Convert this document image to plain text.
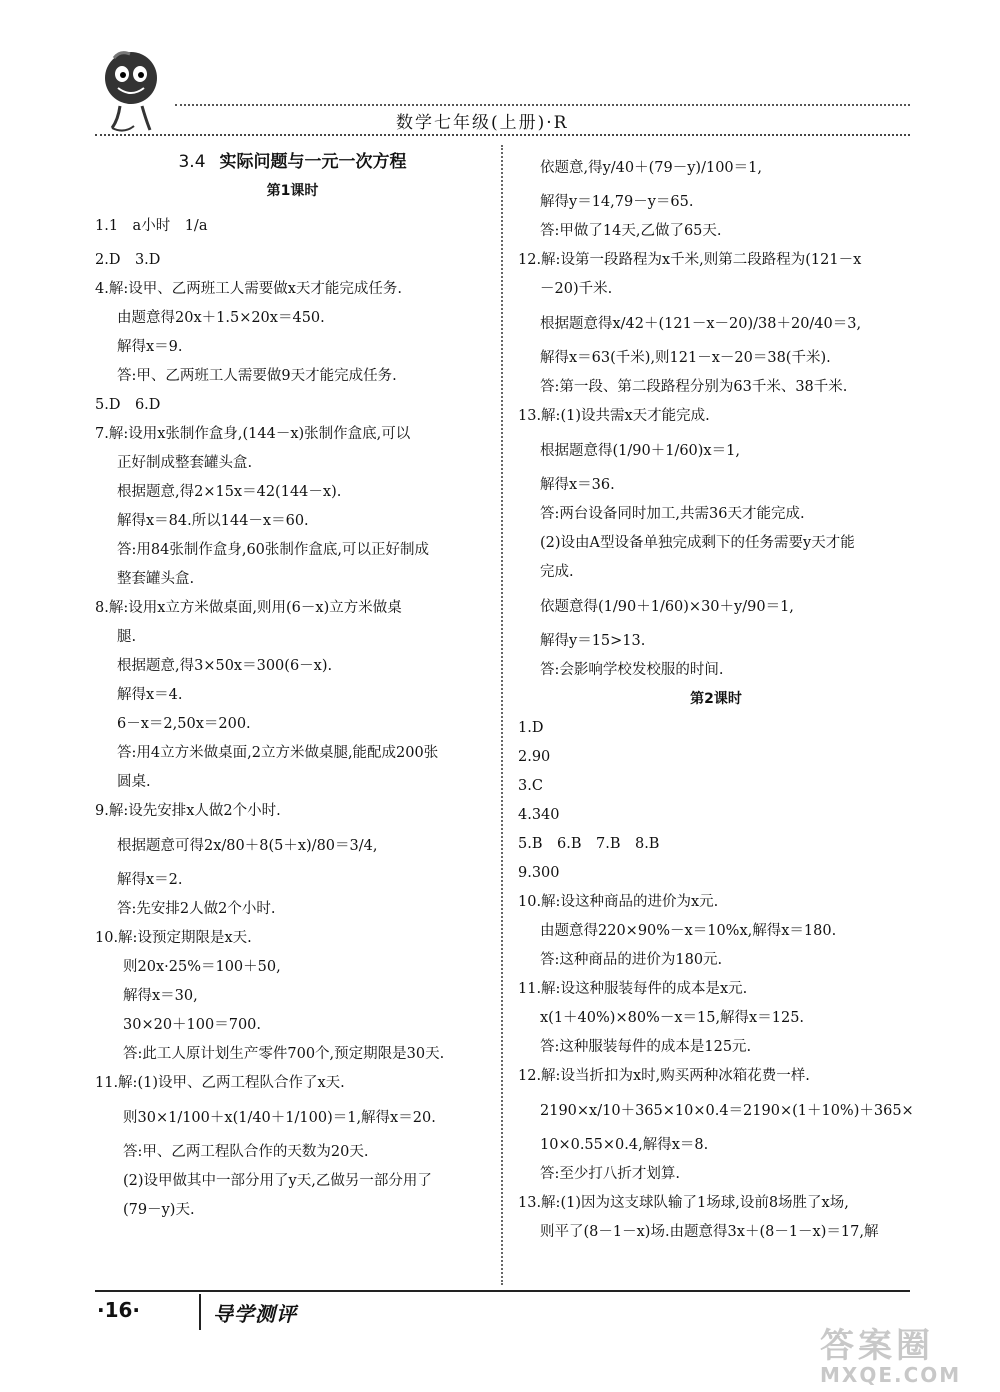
数学七年级(上册)·R
3.4 实际问题与一元一次方程
第1课时
1.1　a小时　1/a
2.D　3.D
4.解:设甲、乙两班工人需要做x天才能完成任务.
由题意得20x＋1.5×20x＝450.
解得x＝9.
答:甲、乙两班工人需要做9天才能完成任务.
5.D　6.D
7.解:设用x张制作盒身,(144－x)张制作盒底,可以
正好制成整套罐头盒.
根据题意,得2×15x＝42(144－x).
解得x＝84.所以144－x＝60.
答:用84张制作盒身,60张制作盒底,可以正好制成
整套罐头盒.
8.解:设用x立方米做桌面,则用(6－x)立方米做桌
腿.
根据题意,得3×50x＝300(6－x).
解得x＝4.
6－x＝2,50x＝200.
答:用4立方米做桌面,2立方米做桌腿,能配成200张
圆桌.
9.解:设先安排x人做2个小时.
根据题意可得2x/80＋8(5＋x)/80＝3/4,
解得x＝2.
答:先安排2人做2个小时.
10.解:设预定期限是x天.
则20x·25%＝100＋50,
解得x＝30,
30×20＋100＝700.
答:此工人原计划生产零件700个,预定期限是30天.
11.解:(1)设甲、乙两工程队合作了x天.
则30×1/100＋x(1/40＋1/100)＝1,解得x＝20.
答:甲、乙两工程队合作的天数为20天.
(2)设甲做其中一部分用了y天,乙做另一部分用了
(79－y)天.
依题意,得y/40＋(79－y)/100＝1,
解得y＝14,79－y＝65.
答:甲做了14天,乙做了65天.
12.解:设第一段路程为x千米,则第二段路程为(121－x
－20)千米.
根据题意得x/42＋(121－x－20)/38＋20/40＝3,
解得x＝63(千米),则121－x－20＝38(千米).
答:第一段、第二段路程分别为63千米、38千米.
13.解:(1)设共需x天才能完成.
根据题意得(1/90＋1/60)x＝1,
解得x＝36.
答:两台设备同时加工,共需36天才能完成.
(2)设由A型设备单独完成剩下的任务需要y天才能
完成.
依题意得(1/90＋1/60)×30＋y/90＝1,
解得y＝15>13.
答:会影响学校发校服的时间.
第2课时
1.D
2.90
3.C
4.340
5.B　6.B　7.B　8.B
9.300
10.解:设这种商品的进价为x元.
由题意得220×90%－x＝10%x,解得x＝180.
答:这种商品的进价为180元.
11.解:设这种服装每件的成本是x元.
x(1＋40%)×80%－x＝15,解得x＝125.
答:这种服装每件的成本是125元.
12.解:设当折扣为x时,购买两种冰箱花费一样.
2190×x/10＋365×10×0.4＝2190×(1＋10%)＋365×
10×0.55×0.4,解得x＝8.
答:至少打八折才划算.
13.解:(1)因为这支球队输了1场球,设前8场胜了x场,
则平了(8－1－x)场.由题意得3x＋(8－1－x)＝17,解
·16·	导学测评
答案圈
MXQE.COM
